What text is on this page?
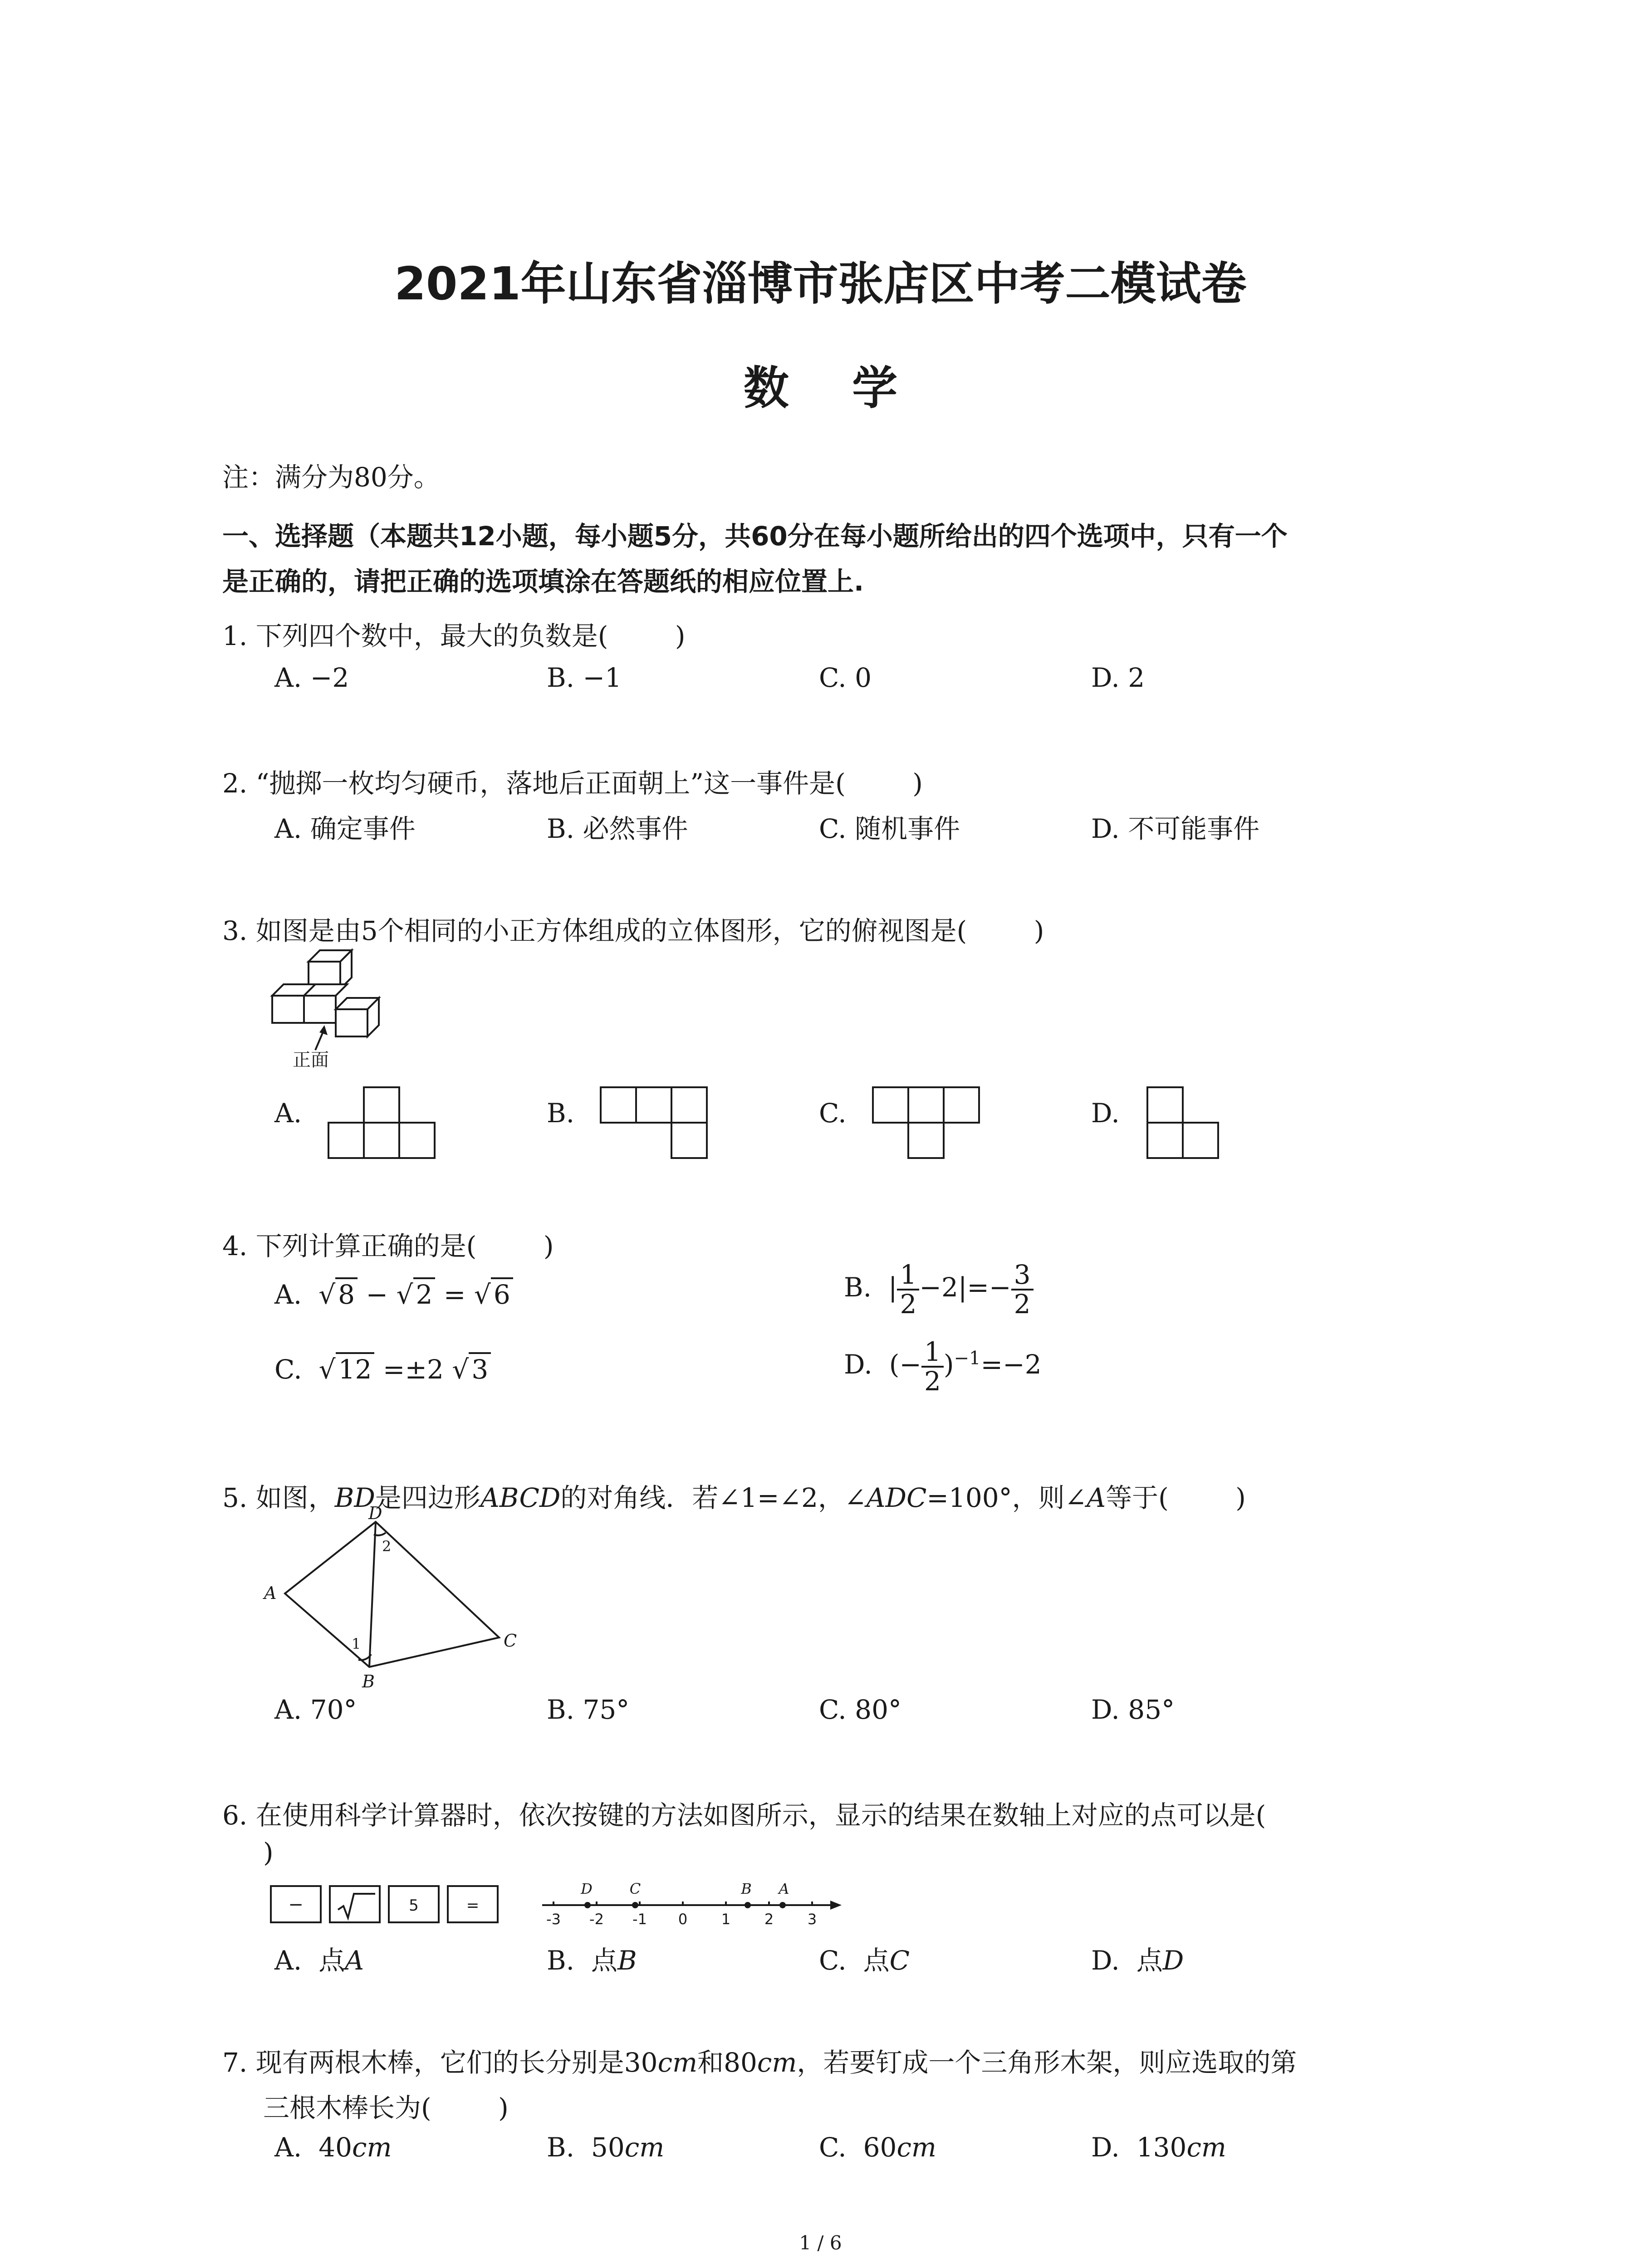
2021年山东省淄博市张店区中考二模试卷
数    学
注：满分为80分。
一、选择题（本题共12小题，每小题5分，共60分在每小题所给出的四个选项中，只有一个
是正确的，请把正确的选项填涂在答题纸的相应位置上.
1. 下列四个数中，最大的负数是(        )
A. −2	B. −1	C. 0	D. 2
2. “抛掷一枚均匀硬币，落地后正面朝上”这一事件是(        )
A. 确定事件	B. 必然事件	C. 随机事件	D. 不可能事件
3. 如图是由5个相同的小正方体组成的立体图形，它的俯视图是(        )
正面
A.	B.	C.	D.
4. 下列计算正确的是(        )
A. √ 8 − √ 2 = √ 6	B. | $\frac{1}{2} -2|=- \frac{3}{2}$
C. √ 12 =±2 √ 3	D. (− $\frac{1}{2} )^{-1}=-2$
5. 如图，BD是四边形ABCD的对角线．若∠1=∠2，∠ADC=100°，则∠A等于(        )
A
B
C
D
1
2
A. 70°	B. 75°	C. 80°	D. 85°
6. 在使用科学计算器时，依次按键的方法如图所示，显示的结果在数轴上对应的点可以是(
)
−	5	=
√
D	C	B A
-3 -2 -1 0 1 2 3
A.  点A	B.  点B	C.  点C	D.  点D
7. 现有两根木棒，它们的长分别是30cm和80cm，若要钉成一个三角形木架，则应选取的第
三根木棒长为(        )
A.  40cm	B.  50cm	C.  60cm	D.  130cm
1 / 6
